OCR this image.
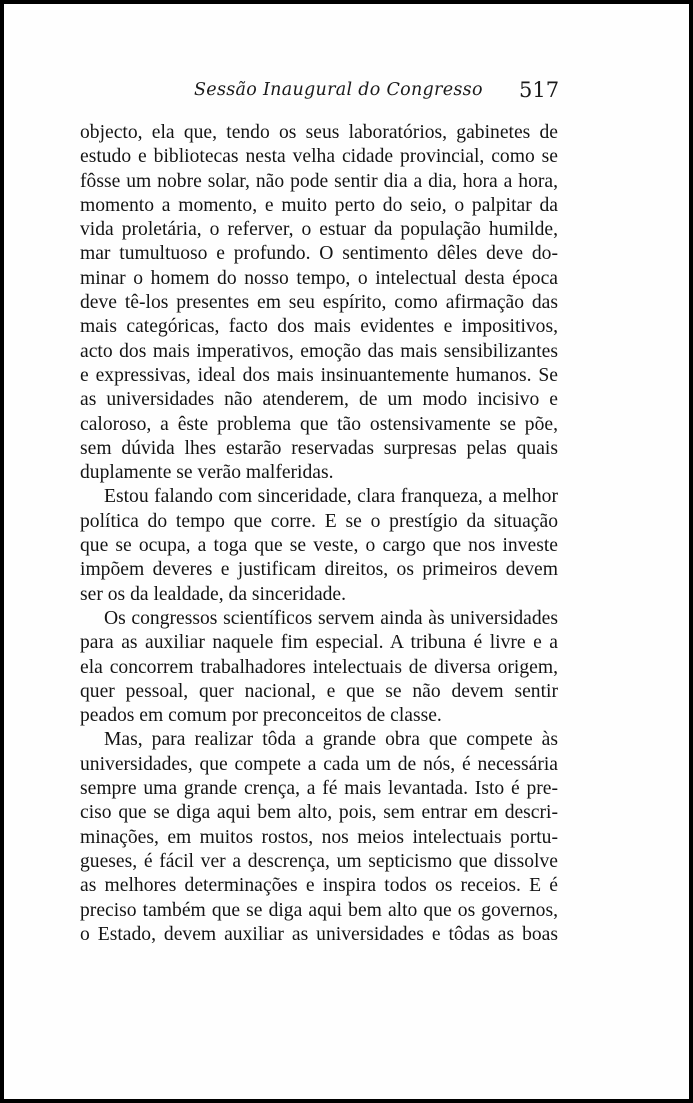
Sessão Inaugural do Congresso 517
objecto, ela que, tendo os seus laboratórios, gabinetes de
estudo e bibliotecas nesta velha cidade provincial, como se
fôsse um nobre solar, não pode sentir dia a dia, hora a hora,
momento a momento, e muito perto do seio, o palpitar da
vida proletária, o referver, o estuar da população humilde,
mar tumultuoso e profundo. O sentimento dêles deve do-
minar o homem do nosso tempo, o intelectual desta época
deve tê-los presentes em seu espírito, como afirmação das
mais categóricas, facto dos mais evidentes e impositivos,
acto dos mais imperativos, emoção das mais sensibilizantes
e expressivas, ideal dos mais insinuantemente humanos. Se
as universidades não atenderem, de um modo incisivo e
caloroso, a êste problema que tão ostensivamente se põe,
sem dúvida lhes estarão reservadas surpresas pelas quais
duplamente se verão malferidas.
Estou falando com sinceridade, clara franqueza, a melhor
política do tempo que corre. E se o prestígio da situação
que se ocupa, a toga que se veste, o cargo que nos investe
impõem deveres e justificam direitos, os primeiros devem
ser os da lealdade, da sinceridade.
Os congressos scientíficos servem ainda às universidades
para as auxiliar naquele fim especial. A tribuna é livre e a
ela concorrem trabalhadores intelectuais de diversa origem,
quer pessoal, quer nacional, e que se não devem sentir
peados em comum por preconceitos de classe.
Mas, para realizar tôda a grande obra que compete às
universidades, que compete a cada um de nós, é necessária
sempre uma grande crença, a fé mais levantada. Isto é pre-
ciso que se diga aqui bem alto, pois, sem entrar em descri-
minações, em muitos rostos, nos meios intelectuais portu-
gueses, é fácil ver a descrença, um septicismo que dissolve
as melhores determinações e inspira todos os receios. E é
preciso também que se diga aqui bem alto que os governos,
o Estado, devem auxiliar as universidades e tôdas as boas
